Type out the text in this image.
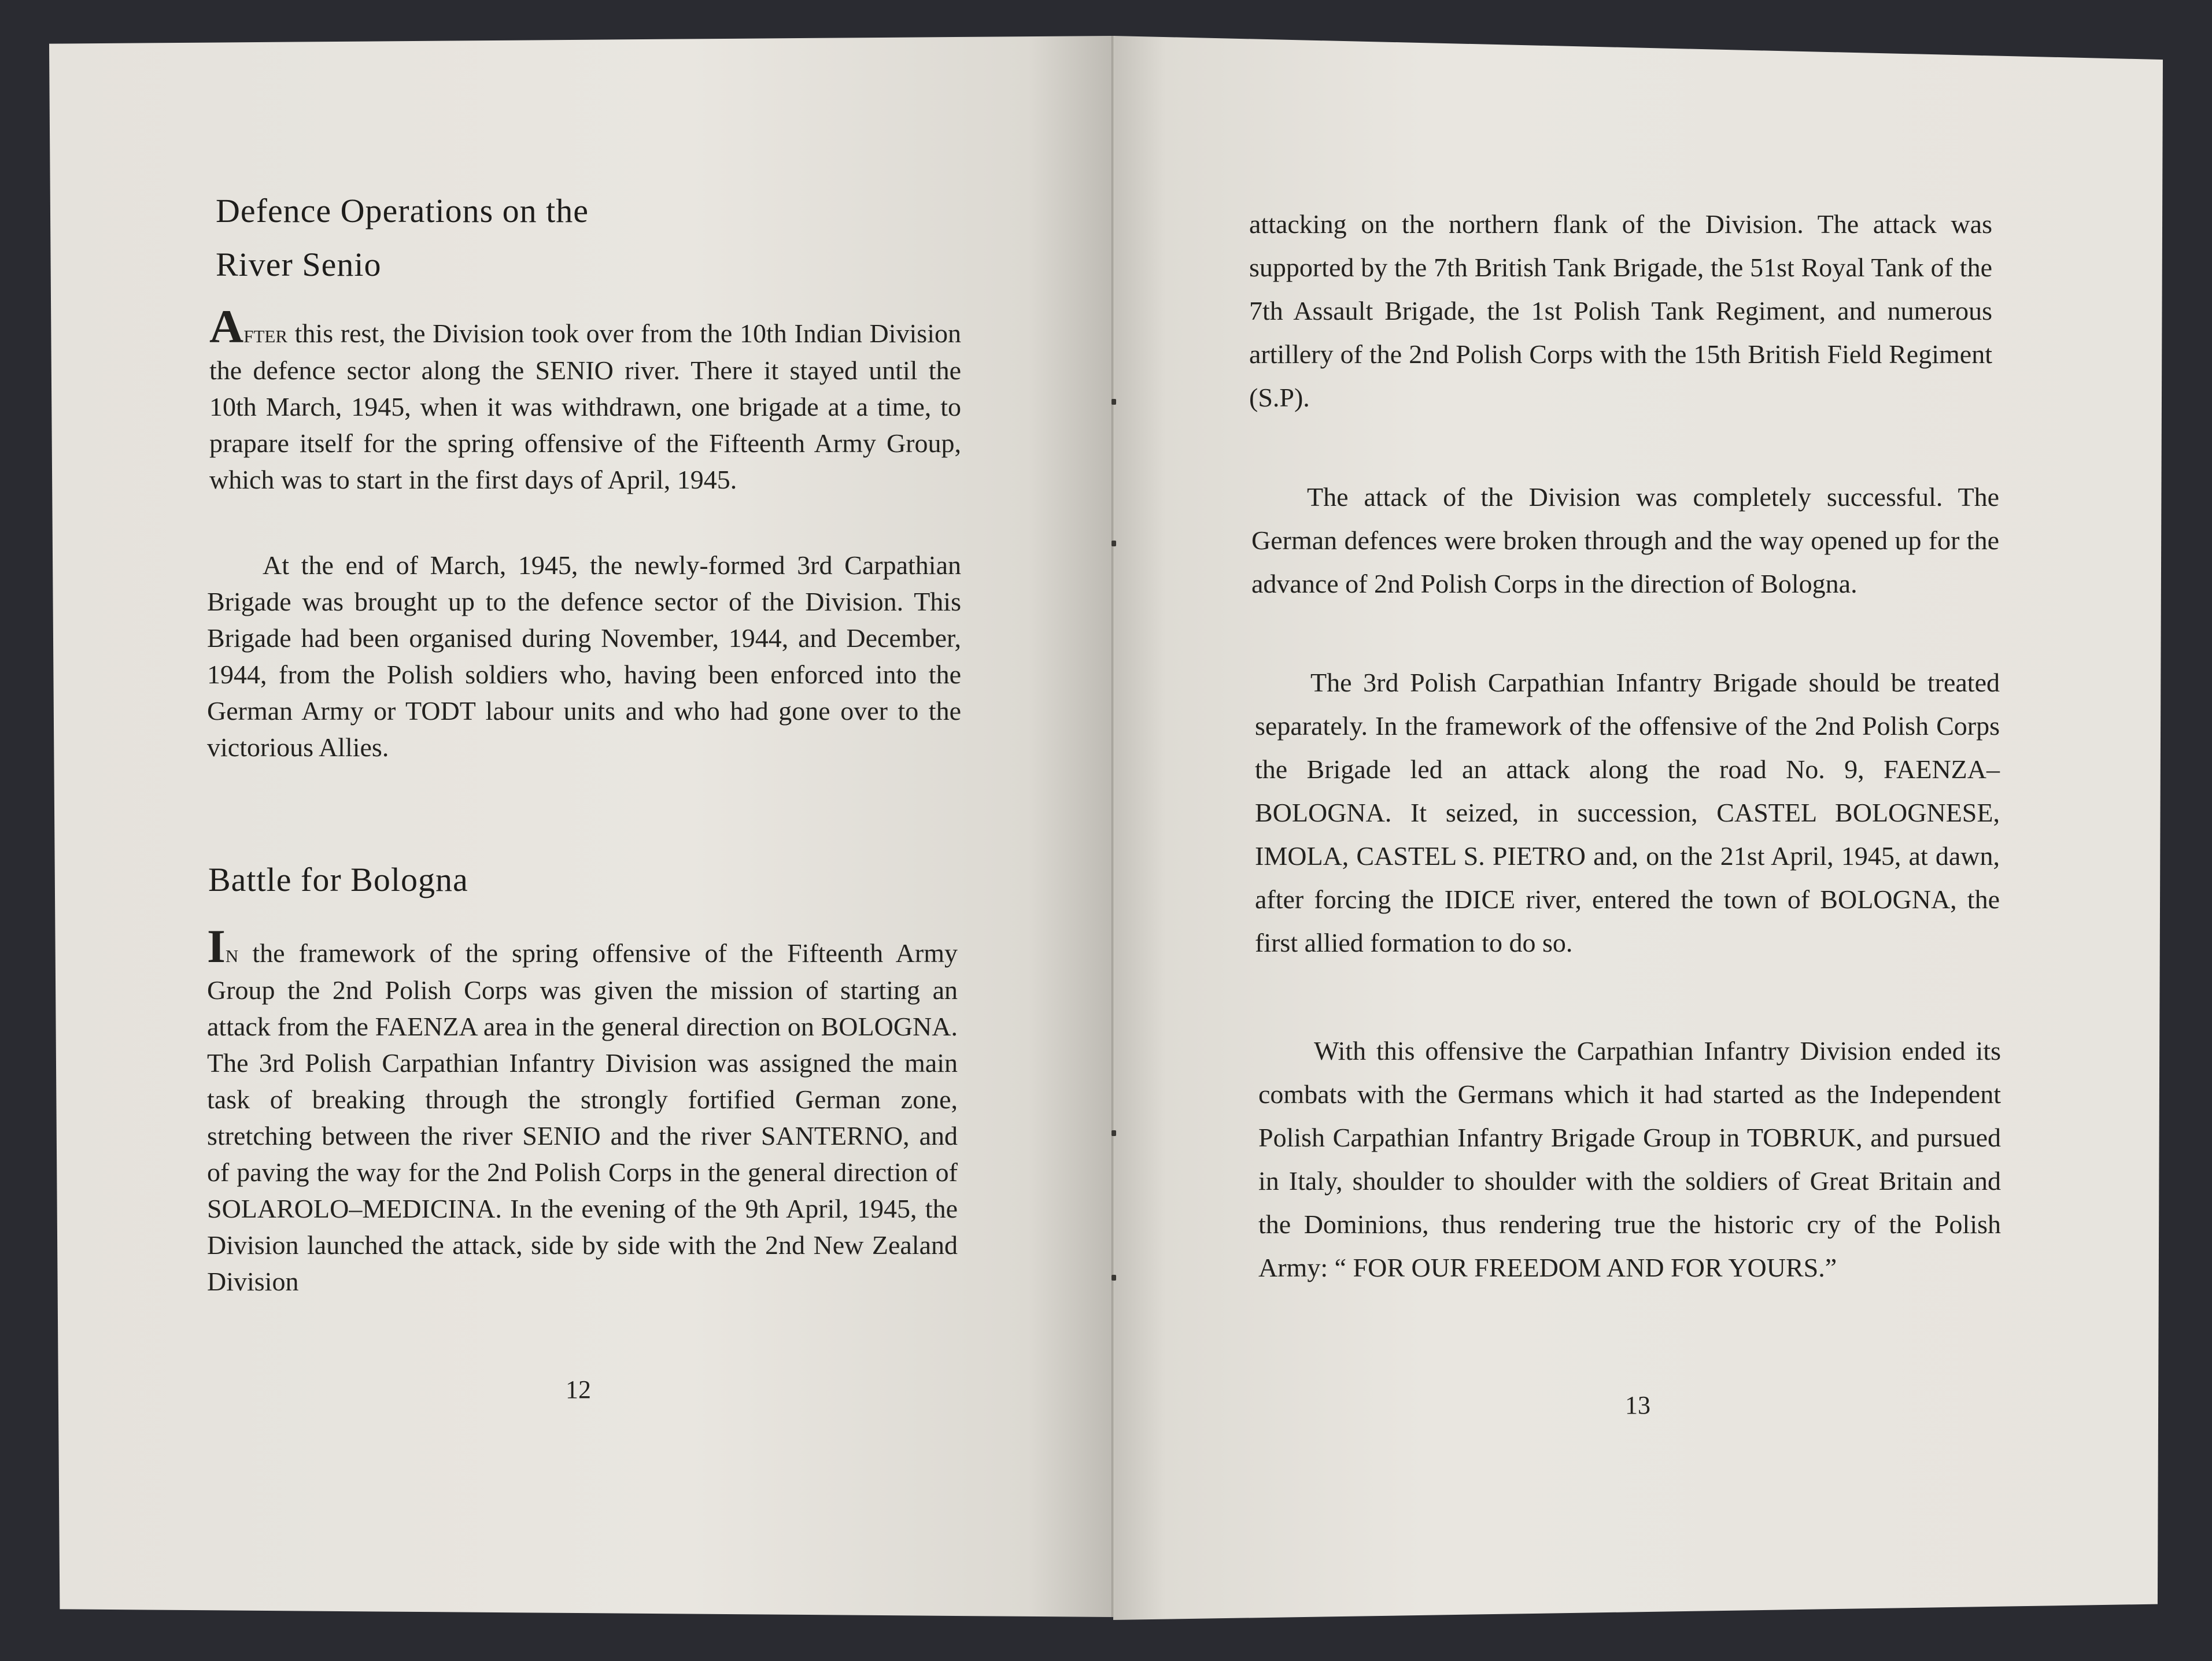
Defence Operations on the
River Senio

After this rest, the Division took over from the 10th Indian Division the defence sector along the SENIO river. There it stayed until the 10th March, 1945, when it was withdrawn, one brigade at a time, to prapare itself for the spring offensive of the Fifteenth Army Group, which was to start in the first days of April, 1945.

At the end of March, 1945, the newly-formed 3rd Carpathian Brigade was brought up to the defence sector of the Division. This Brigade had been organised during November, 1944, and December, 1944, from the Polish soldiers who, having been enforced into the German Army or TODT labour units and who had gone over to the victorious Allies.

Battle for Bologna

In the framework of the spring offensive of the Fifteenth Army Group the 2nd Polish Corps was given the mission of starting an attack from the FAENZA area in the general direction on BOLOGNA. The 3rd Polish Carpathian Infantry Division was assigned the main task of breaking through the strongly fortified German zone, stretching between the river SENIO and the river SANTERNO, and of paving the way for the 2nd Polish Corps in the general direction of SOLAROLO–MEDICINA. In the evening of the 9th April, 1945, the Division launched the attack, side by side with the 2nd New Zealand Division

12

attacking on the northern flank of the Division. The attack was supported by the 7th British Tank Brigade, the 51st Royal Tank of the 7th Assault Brigade, the 1st Polish Tank Regiment, and numerous artillery of the 2nd Polish Corps with the 15th British Field Regiment (S.P).

The attack of the Division was completely successful. The German defences were broken through and the way opened up for the advance of 2nd Polish Corps in the direction of Bologna.

The 3rd Polish Carpathian Infantry Brigade should be treated separately. In the framework of the offensive of the 2nd Polish Corps the Brigade led an attack along the road No. 9, FAENZA–BOLOGNA. It seized, in succession, CASTEL BOLOGNESE, IMOLA, CASTEL S. PIETRO and, on the 21st April, 1945, at dawn, after forcing the IDICE river, entered the town of BOLOGNA, the first allied formation to do so.

With this offensive the Carpathian Infantry Division ended its combats with the Germans which it had started as the Independent Polish Carpathian Infantry Brigade Group in TOBRUK, and pursued in Italy, shoulder to shoulder with the soldiers of Great Britain and the Dominions, thus rendering true the historic cry of the Polish Army: “ FOR OUR FREEDOM AND FOR YOURS.”

13
